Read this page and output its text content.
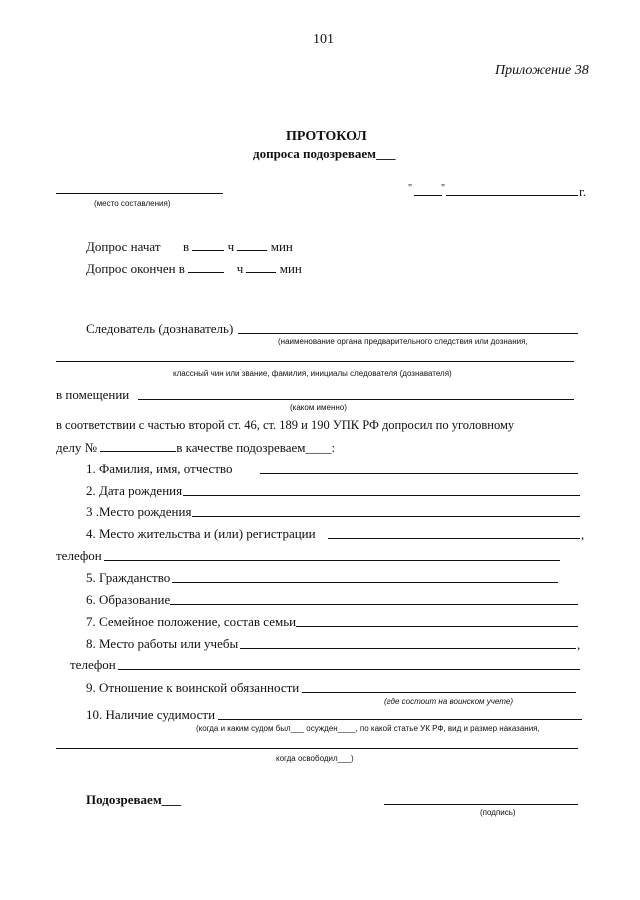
101
Приложение 38
ПРОТОКОЛ
допроса подозреваем___
(место составления)
"	"	г.
Допрос начат в	ч	мин
Допрос окончен в	ч	мин
Следователь (дознаватель)
(наименование органа предварительного следствия или дознания,
классный чин или звание, фамилия, инициалы следователя (дознавателя)
в помещении
(каком именно)
в соответствии с частью второй ст. 46, ст. 189 и 190 УПК РФ допросил по уголовному
делу №	в качестве подозреваем____:
1. Фамилия, имя, отчество
2. Дата рождения
3 .Место рождения
4. Место жительства и (или) регистрации	,
телефон
5. Гражданство
6. Образование
7. Семейное положение, состав семьи
8. Место работы или учебы	,
телефон
9. Отношение к воинской обязанности
(где состоит на воинском учете)
10. Наличие судимости
(когда и каким судом был___ осужден____, по какой статье УК РФ, вид и размер наказания,
когда освободил___)
Подозреваем___
(подпись)
